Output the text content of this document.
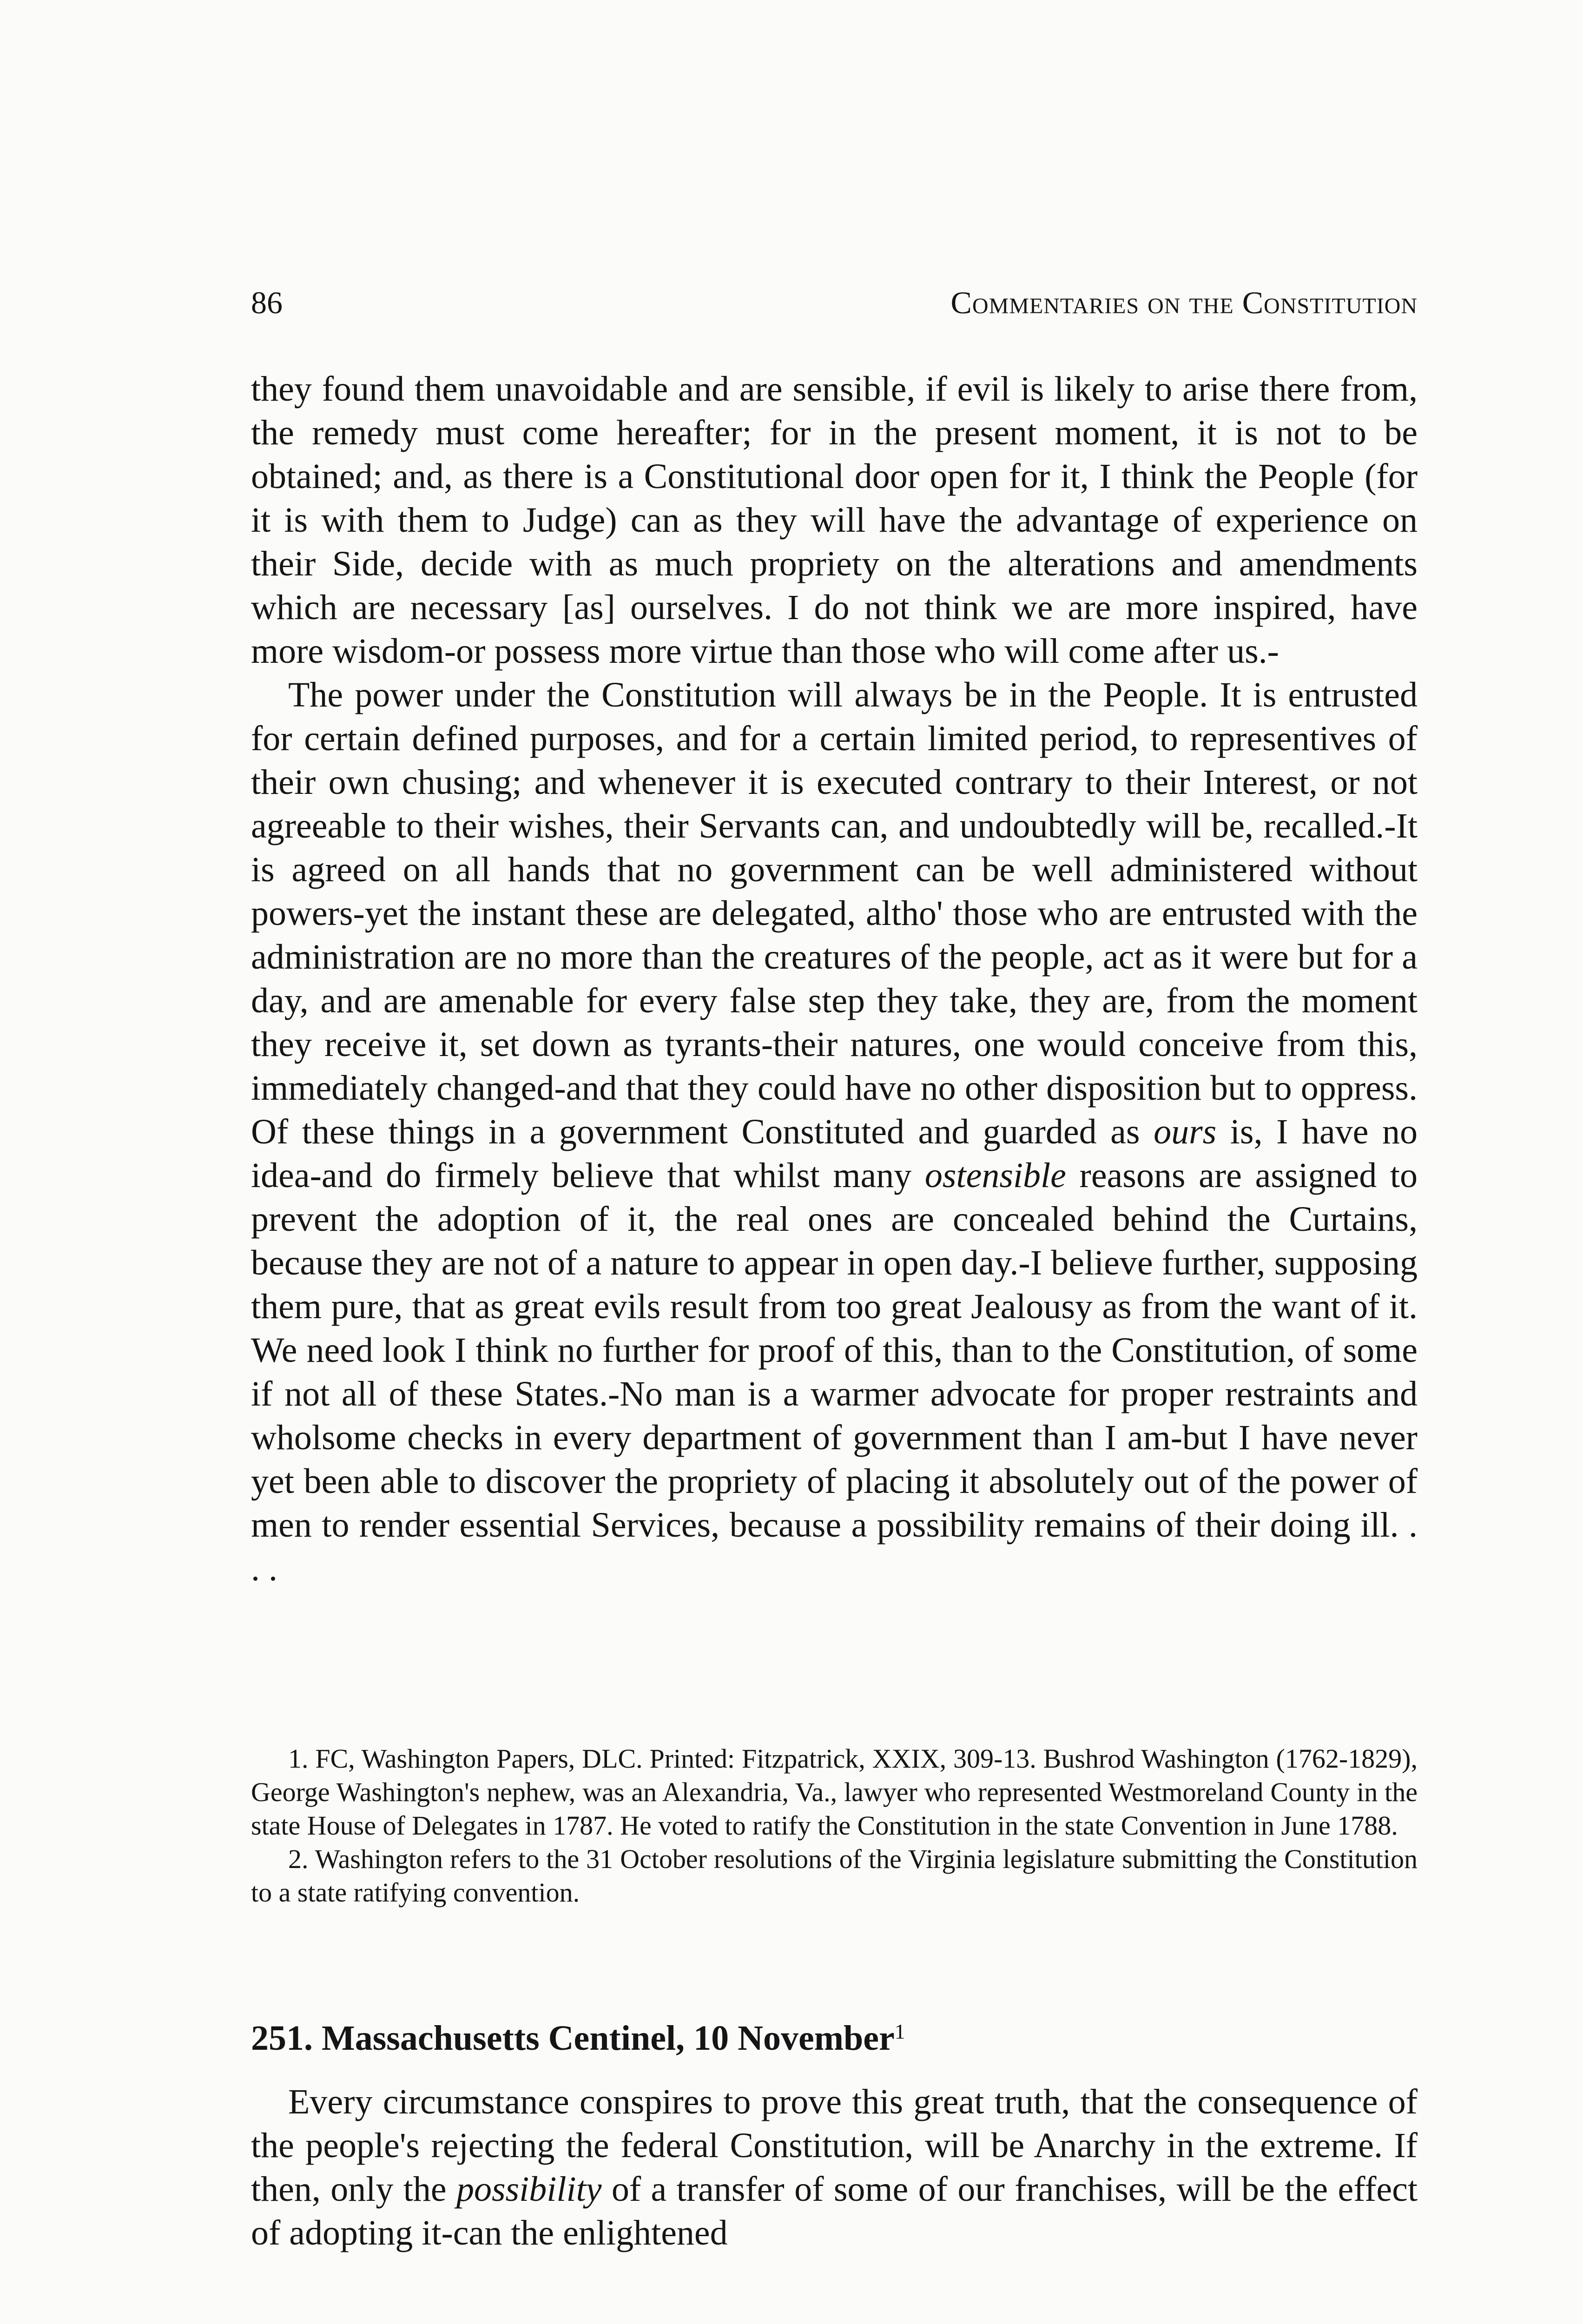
86	Commentaries on the Constitution

they found them unavoidable and are sensible, if evil is likely to arise there from, the remedy must come hereafter; for in the present moment, it is not to be obtained; and, as there is a Constitutional door open for it, I think the People (for it is with them to Judge) can as they will have the advantage of experience on their Side, decide with as much propriety on the alterations and amendments which are necessary [as] ourselves. I do not think we are more inspired, have more wisdom-or possess more virtue than those who will come after us.-

The power under the Constitution will always be in the People. It is entrusted for certain defined purposes, and for a certain limited period, to representives of their own chusing; and whenever it is executed contrary to their Interest, or not agreeable to their wishes, their Servants can, and undoubtedly will be, recalled.-It is agreed on all hands that no government can be well administered without powers-yet the instant these are delegated, altho' those who are entrusted with the administration are no more than the creatures of the people, act as it were but for a day, and are amenable for every false step they take, they are, from the moment they receive it, set down as tyrants-their natures, one would conceive from this, immediately changed-and that they could have no other disposition but to oppress. Of these things in a government Constituted and guarded as ours is, I have no idea-and do firmely believe that whilst many ostensible reasons are assigned to prevent the adoption of it, the real ones are concealed behind the Curtains, because they are not of a nature to appear in open day.-I believe further, supposing them pure, that as great evils result from too great Jealousy as from the want of it. We need look I think no further for proof of this, than to the Constitution, of some if not all of these States.-No man is a warmer advocate for proper restraints and wholsome checks in every department of government than I am-but I have never yet been able to discover the propriety of placing it absolutely out of the power of men to render essential Services, because a possibility remains of their doing ill. . . .

1. FC, Washington Papers, DLC. Printed: Fitzpatrick, XXIX, 309-13. Bushrod Washington (1762-1829), George Washington's nephew, was an Alexandria, Va., lawyer who represented Westmoreland County in the state House of Delegates in 1787. He voted to ratify the Constitution in the state Convention in June 1788.

2. Washington refers to the 31 October resolutions of the Virginia legislature submitting the Constitution to a state ratifying convention.

251. Massachusetts Centinel, 10 November$^1$

Every circumstance conspires to prove this great truth, that the consequence of the people's rejecting the federal Constitution, will be Anarchy in the extreme. If then, only the possibility of a transfer of some of our franchises, will be the effect of adopting it-can the enlightened
